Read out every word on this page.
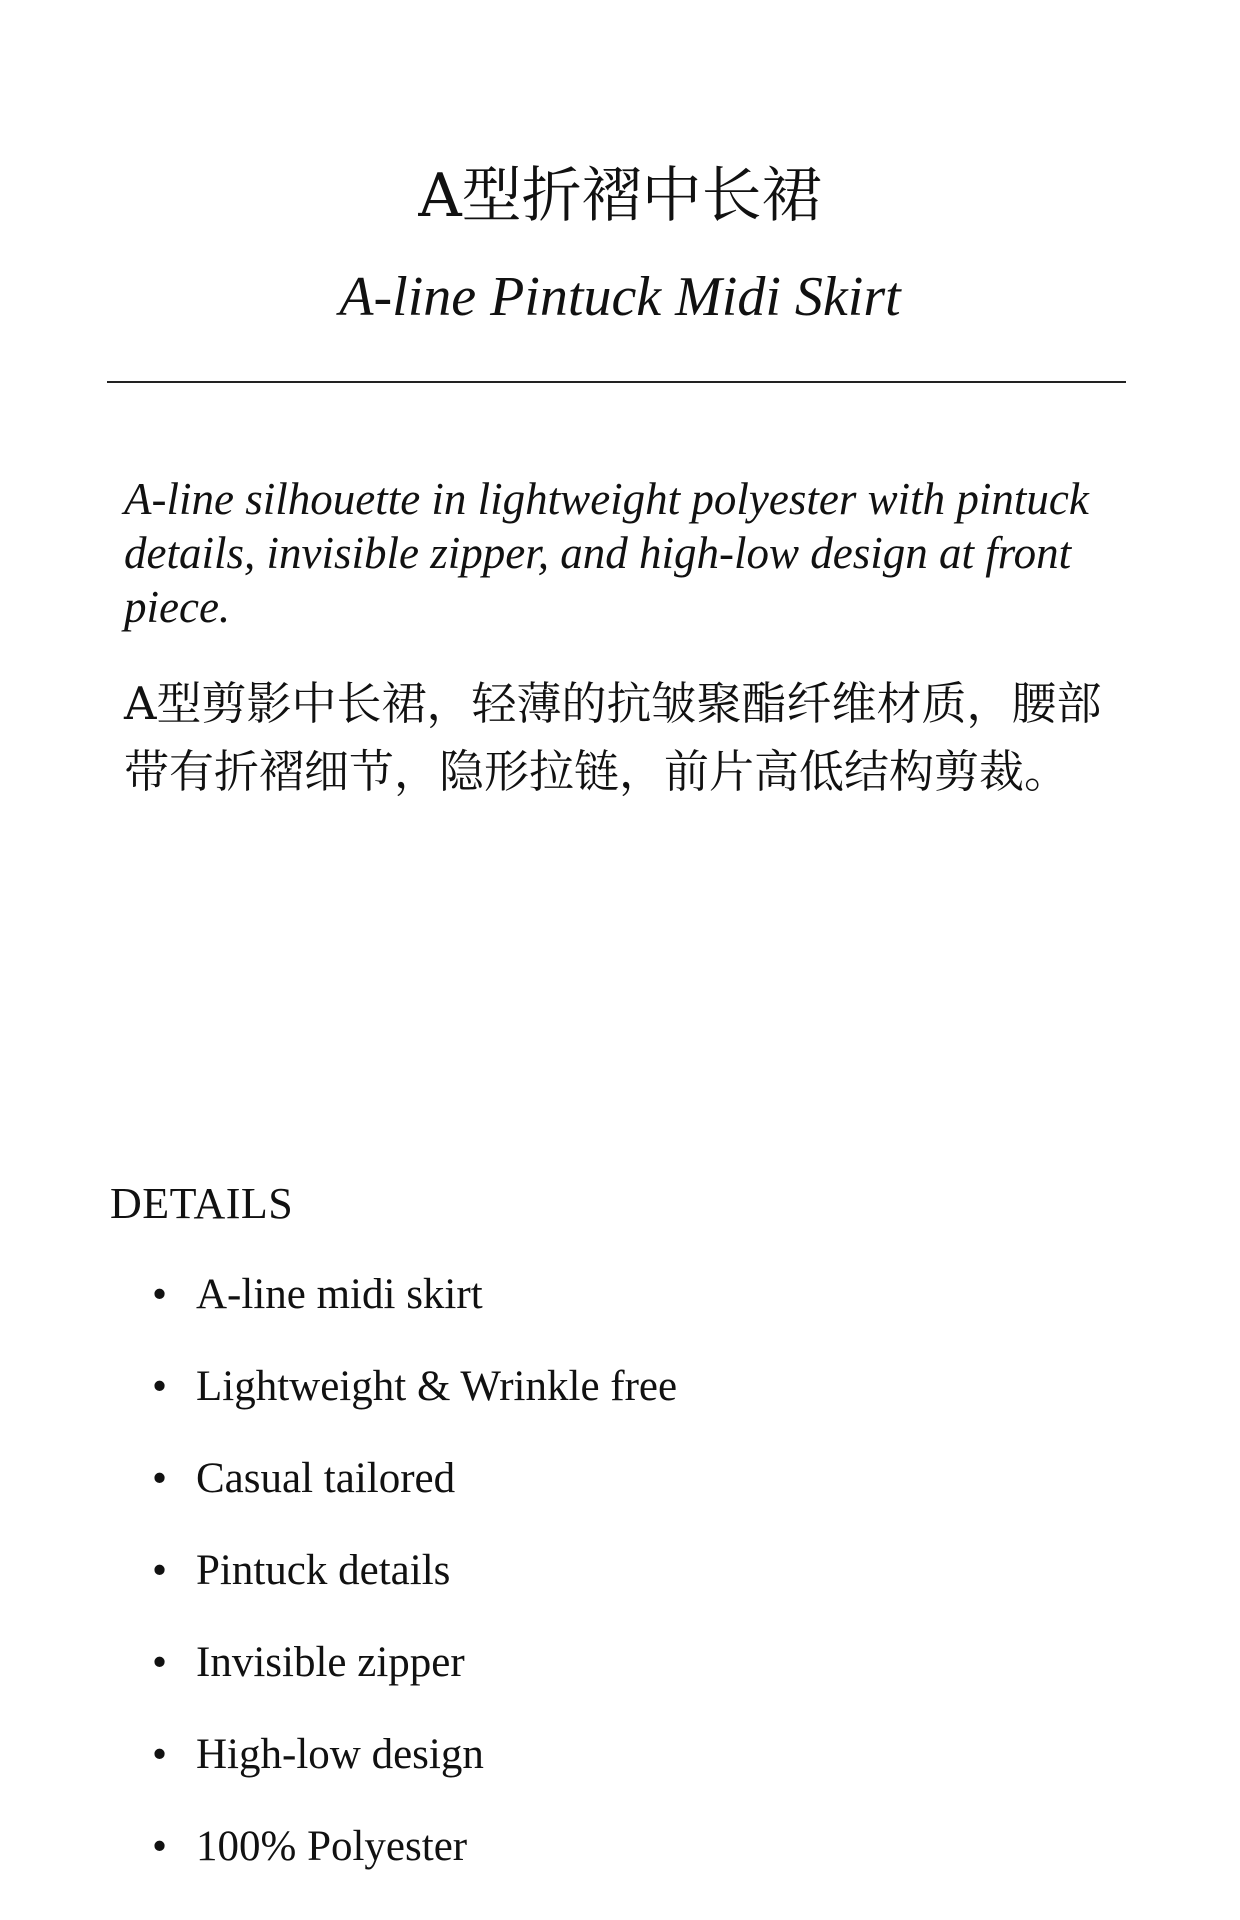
A型折褶中长裙
A-line Pintuck Midi Skirt
A-line silhouette in lightweight polyester with pintuck details, invisible zipper, and high-low design at front piece.
A型剪影中长裙，轻薄的抗皱聚酯纤维材质，腰部带有折褶细节，隐形拉链，前片高低结构剪裁。
DETAILS
• A-line midi skirt
• Lightweight & Wrinkle free
• Casual tailored
• Pintuck details
• Invisible zipper
• High-low design
• 100% Polyester
